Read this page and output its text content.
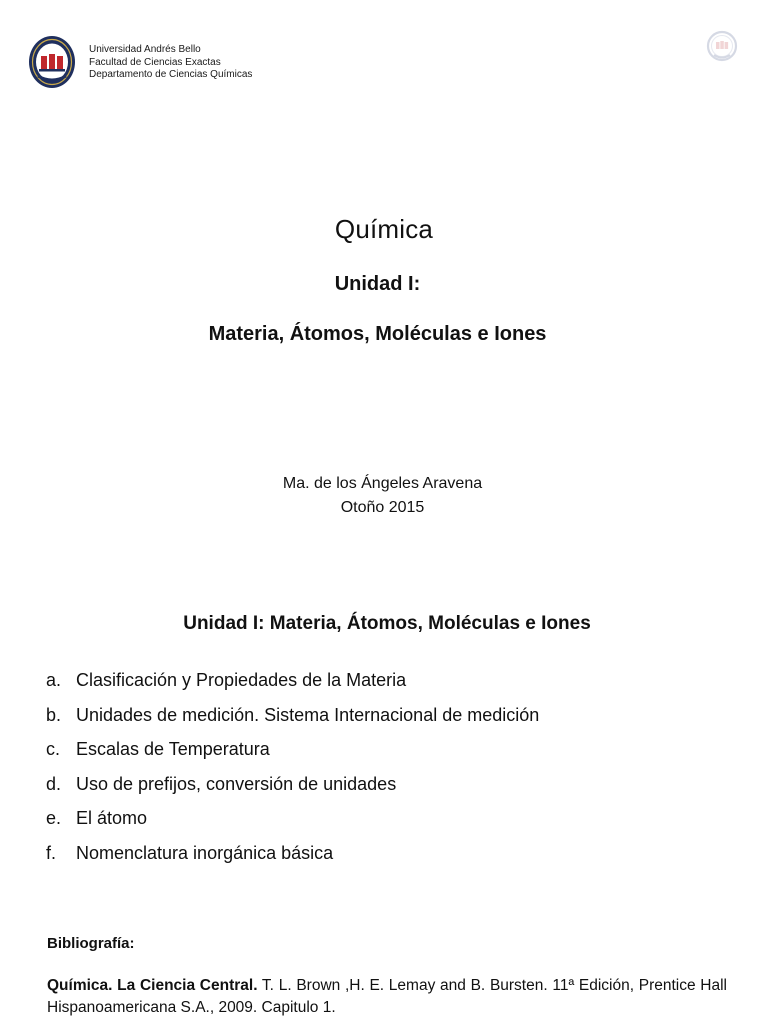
Universidad Andrés Bello
Facultad de Ciencias Exactas
Departamento de Ciencias Químicas
Química
Unidad I:
Materia, Átomos, Moléculas e Iones
Ma. de los Ángeles Aravena
Otoño 2015
Unidad I: Materia, Átomos, Moléculas e Iones
a. Clasificación y Propiedades de la Materia
b. Unidades de medición. Sistema Internacional de medición
c. Escalas de Temperatura
d. Uso de prefijos, conversión de unidades
e. El átomo
f. Nomenclatura inorgánica básica
Bibliografía:
Química. La Ciencia Central. T. L. Brown ,H. E. Lemay and B. Bursten. 11ª Edición, Prentice Hall Hispanoamericana S.A., 2009. Capitulo 1.
